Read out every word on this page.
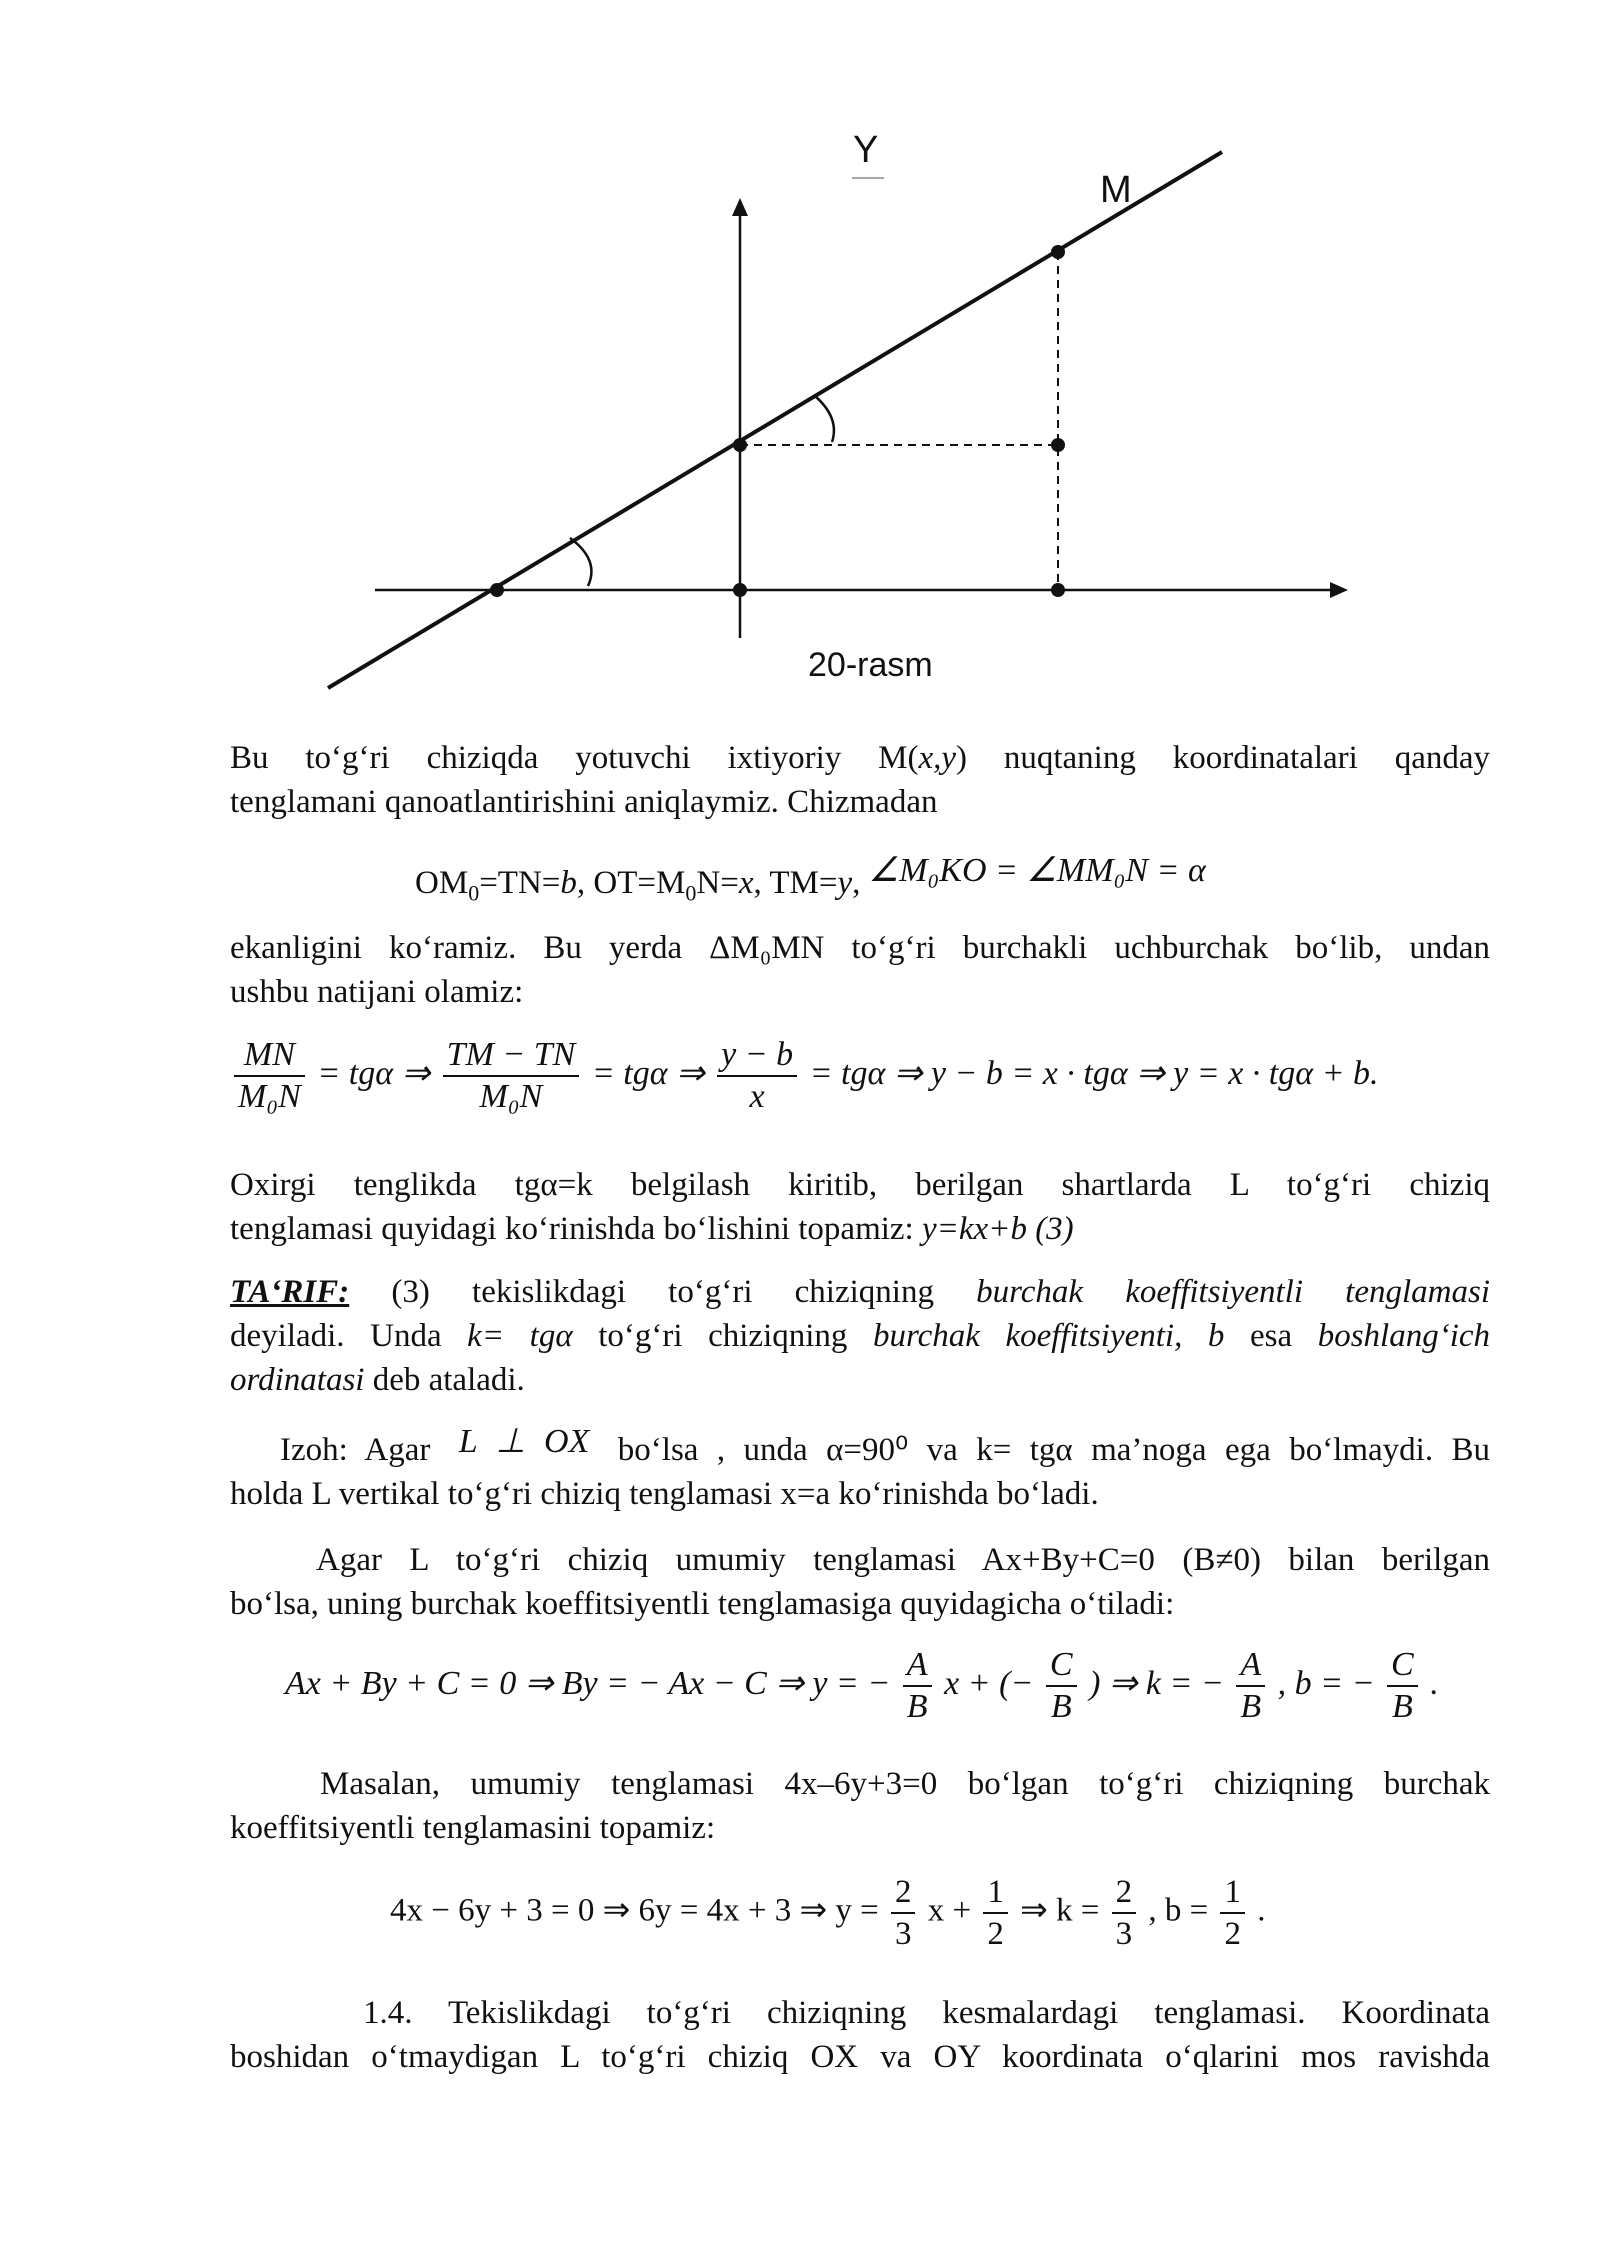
Y
M
20-rasm
Bu to‘g‘ri chiziqda yotuvchi ixtiyoriy M(x,y) nuqtaning koordinatalari qanday
tenglamani qanoatlantirishini aniqlaymiz. Chizmadan
$OM_0=TN=b$, $OT=M_0N=x$, TM=y, ∠M₀KO = ∠MM₀N = α
ekanligini ko‘ramiz. Bu yerda ΔM₀MN to‘g‘ri burchakli uchburchak bo‘lib, undan
ushbu natijani olamiz:
$\frac{MN}{\text{M₀N}} = tg\alpha$ ⇒ $\frac{TM - TN}{\text{M₀N}} = tg\alpha$ ⇒ $\frac{y - b}{x} = tg\alpha$ ⇒ y − b = x · tgα ⇒ y = x · tgα + b.
Oxirgi tenglikda tgα=k belgilash kiritib, berilgan shartlarda L to‘g‘ri chiziq
tenglamasi quyidagi ko‘rinishda bo‘lishini topamiz: y=kx+b (3)
TA‘RIF: (3) tekislikdagi to‘g‘ri chiziqning burchak koeffitsiyentli tenglamasi
deyiladi. Unda k= tgα to‘g‘ri chiziqning burchak koeffitsiyenti, b esa boshlang‘ich
ordinatasi deb ataladi.
Izoh: Agar L ⊥ OX bo‘lsa , unda α=90⁰ va k= tgα ma’noga ega bo‘lmaydi. Bu
holda L vertikal to‘g‘ri chiziq tenglamasi x=a ko‘rinishda bo‘ladi.
Agar L to‘g‘ri chiziq umumiy tenglamasi Ax+By+C=0 (B≠0) bilan berilgan
bo‘lsa, uning burchak koeffitsiyentli tenglamasiga quyidagicha o‘tiladi:
Ax + By + C = 0 ⇒ By = − Ax − C ⇒ y = − $\frac{A}{B}$ x + (− $\frac{C}{B}$ ) ⇒ k = − $\frac{A}{B}$ , b = − $\frac{C}{B}$ .
Masalan, umumiy tenglamasi 4x–6y+3=0 bo‘lgan to‘g‘ri chiziqning burchak
koeffitsiyentli tenglamasini topamiz:
4x − 6y + 3 = 0 ⇒ 6y = 4x + 3 ⇒ $y = \frac{2}{3}$ $x + \frac{1}{2}$ ⇒ $k = \frac{2}{3}$ , $b = \frac{1}{2}$ .
1.4. Tekislikdagi to‘g‘ri chiziqning kesmalardagi tenglamasi. Koordinata
boshidan o‘tmaydigan L to‘g‘ri chiziq OX va OY koordinata o‘qlarini mos ravishda
